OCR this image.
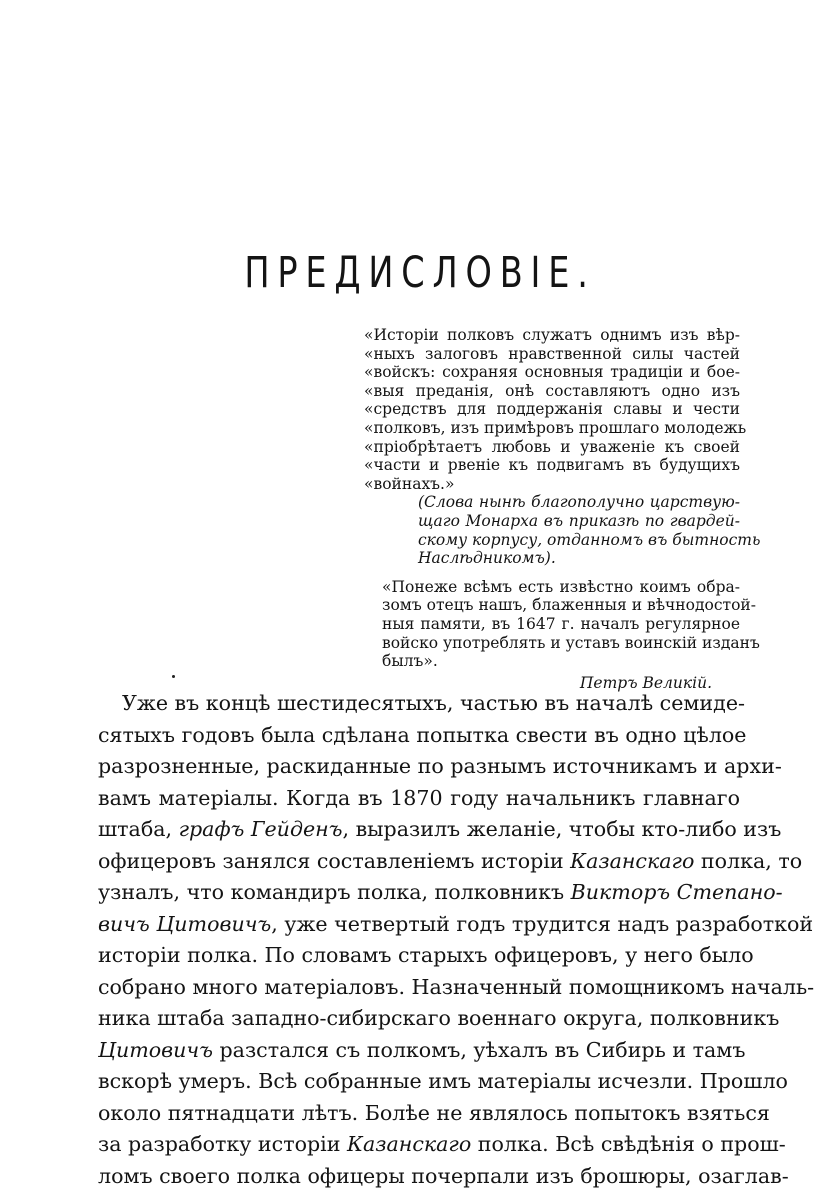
ПРЕДИСЛОВІЕ.
«Исторіи полковъ служатъ однимъ изъ вѣр-
«ныхъ залоговъ нравственной силы частей
«войскъ: сохраняя основныя традиціи и бое-
«выя преданія, онѣ составляютъ одно изъ
«средствъ для поддержанія славы и чести
«полковъ, изъ примѣровъ прошлаго молодежь
«пріобрѣтаетъ любовь и уваженіе къ своей
«части и рвеніе къ подвигамъ въ будущихъ
«войнахъ.»
(Слова нынѣ благополучно царствую-
щаго Монарха въ приказѣ по гвардей-
скому корпусу, отданномъ въ бытность
Наслѣдникомъ).
«Понеже всѣмъ есть извѣстно коимъ обра-
зомъ отецъ нашъ, блаженныя и вѣчнодостой-
ныя памяти, въ 1647 г. началъ регулярное
войско употреблять и уставъ воинскій изданъ
былъ».
Петръ Великій.
Уже въ концѣ шестидесятыхъ, частью въ началѣ семиде-
сятыхъ годовъ была сдѣлана попытка свести въ одно цѣлое
разрозненные, раскиданные по разнымъ источникамъ и архи-
вамъ матеріалы. Когда въ 1870 году начальникъ главнаго
штаба, графъ Гейденъ, выразилъ желаніе, чтобы кто-либо изъ
офицеровъ занялся составленіемъ исторіи Казанскаго полка, то
узналъ, что командиръ полка, полковникъ Викторъ Степано-
вичъ Цитовичъ, уже четвертый годъ трудится надъ разработкой
исторіи полка. По словамъ старыхъ офицеровъ, у него было
собрано много матеріаловъ. Назначенный помощникомъ началь-
ника штаба западно-сибирскаго военнаго округа, полковникъ
Цитовичъ разстался съ полкомъ, уѣхалъ въ Сибирь и тамъ
вскорѣ умеръ. Всѣ собранные имъ матеріалы исчезли. Прошло
около пятнадцати лѣтъ. Болѣе не являлось попытокъ взяться
за разработку исторіи Казанскаго полка. Всѣ свѣдѣнія о прош-
ломъ своего полка офицеры почерпали изъ брошюры, озаглав-
